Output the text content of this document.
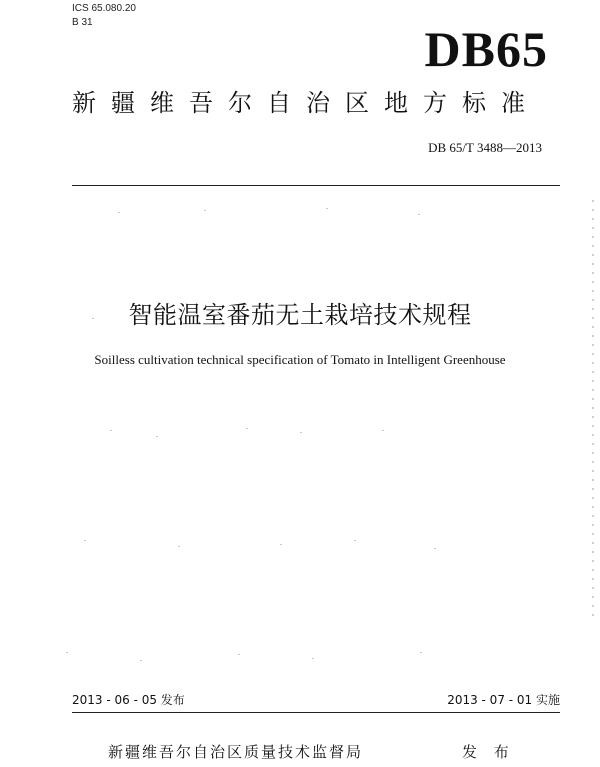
ICS 65.080.20
B 31	DB65
新疆维吾尔自治区地方标准
DB 65/T 3488—2013
智能温室番茄无土栽培技术规程
Soilless cultivation technical specification of Tomato in Intelligent Greenhouse
2013 - 06 - 05 发布	2013 - 07 - 01 实施
新疆维吾尔自治区质量技术监督局	发 布
